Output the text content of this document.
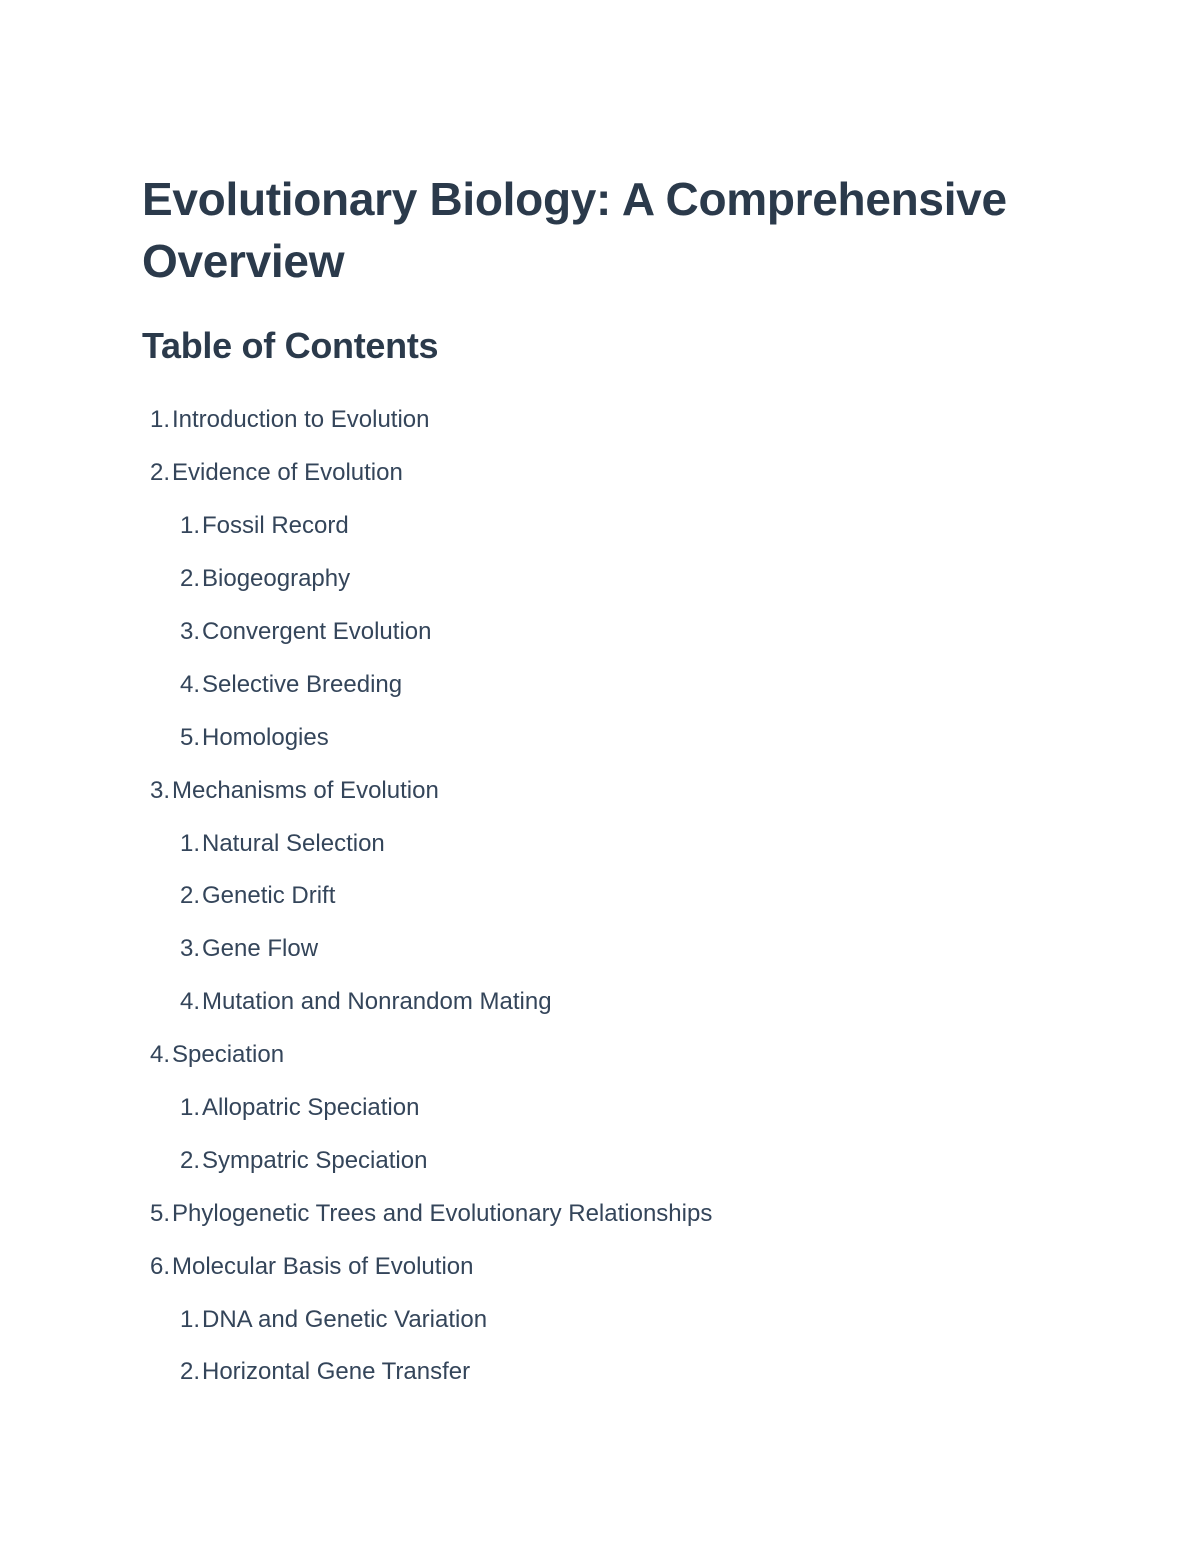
Evolutionary Biology: A Comprehensive Overview
Table of Contents
1. Introduction to Evolution
2. Evidence of Evolution
1. Fossil Record
2. Biogeography
3. Convergent Evolution
4. Selective Breeding
5. Homologies
3. Mechanisms of Evolution
1. Natural Selection
2. Genetic Drift
3. Gene Flow
4. Mutation and Nonrandom Mating
4. Speciation
1. Allopatric Speciation
2. Sympatric Speciation
5. Phylogenetic Trees and Evolutionary Relationships
6. Molecular Basis of Evolution
1. DNA and Genetic Variation
2. Horizontal Gene Transfer
